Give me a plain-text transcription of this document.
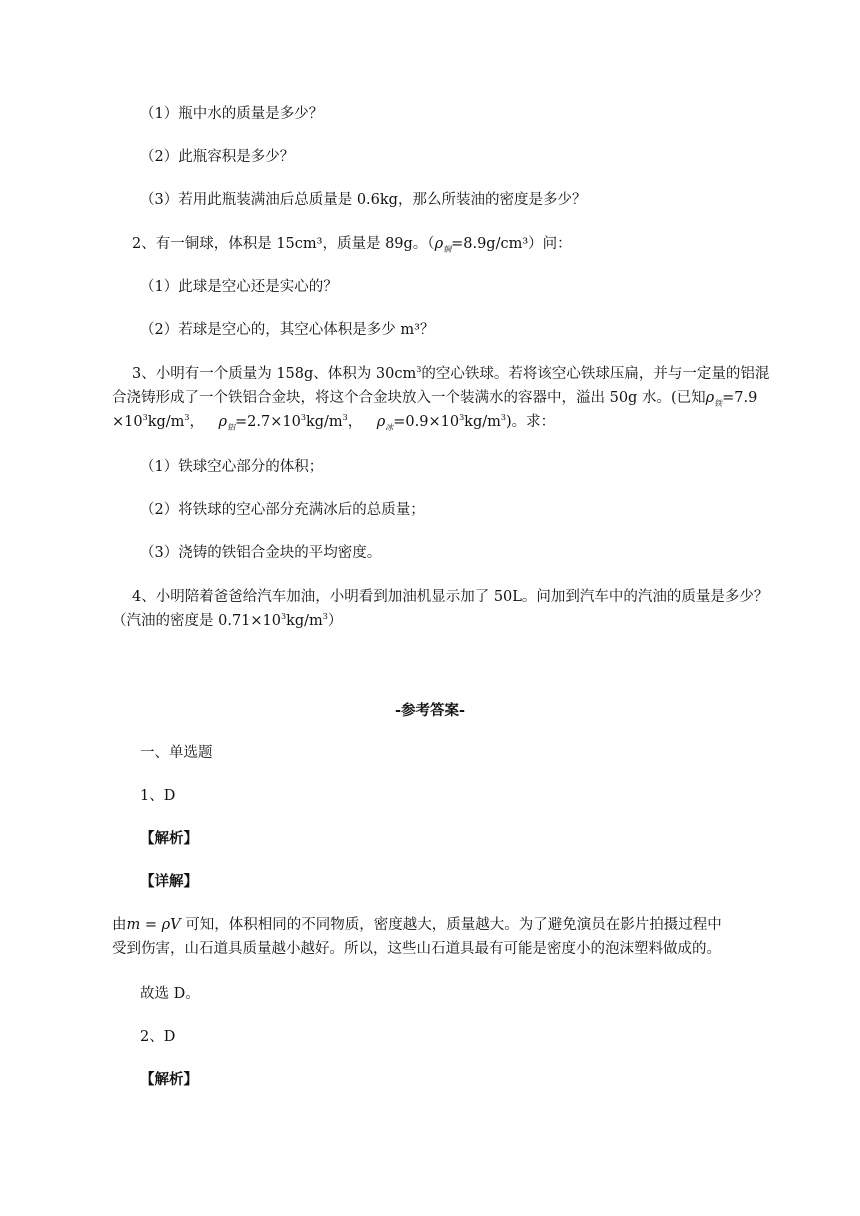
（1）瓶中水的质量是多少？
（2）此瓶容积是多少？
（3）若用此瓶装满油后总质量是 0.6kg，那么所装油的密度是多少？
2、有一铜球，体积是 15cm³，质量是 89g。$(\rho_铜=8.9g/cm^3)$问：
（1）此球是空心还是实心的？
（2）若球是空心的，其空心体积是多少 m³？
3、小明有一个质量为 158g、体积为 $30cm^3$的空心铁球。若将该空心铁球压扁，并与一定量的铝混
合浇铸形成了一个铁铝合金块，将这个合金块放入一个装满水的容器中，溢出 50g 水。(已知$\rho_铁=7.9$
$\times 10^3kg/m^3$，  $\rho_铝=2.7\times 10^3kg/m^3$，  $\rho_冰=0.9\times 10^3kg/m^3$)。求：
（1）铁球空心部分的体积；
（2）将铁球的空心部分充满冰后的总质量；
（3）浇铸的铁铝合金块的平均密度。
4、小明陪着爸爸给汽车加油，小明看到加油机显示加了 50L。问加到汽车中的汽油的质量是多少？
（汽油的密度是 $0.71\times 10^3kg/m^3$）
-参考答案-
一、单选题
1、D
【解析】
【详解】
由m = ρV 可知，体积相同的不同物质，密度越大，质量越大。为了避免演员在影片拍摄过程中
受到伤害，山石道具质量越小越好。所以，这些山石道具最有可能是密度小的泡沫塑料做成的。
故选 D。
2、D
【解析】
